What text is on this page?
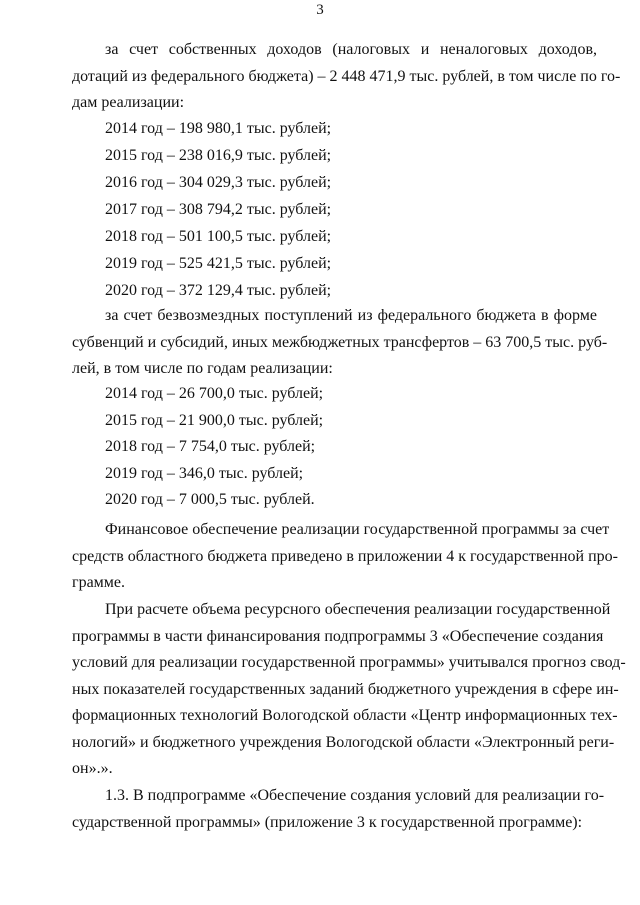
3
за счет собственных доходов (налоговых и неналоговых доходов,
дотаций из федерального бюджета) – 2 448 471,9 тыс. рублей, в том числе по го-
дам реализации:
2014 год – 198 980,1 тыс. рублей;
2015 год – 238 016,9 тыс. рублей;
2016 год – 304 029,3 тыс. рублей;
2017 год – 308 794,2 тыс. рублей;
2018 год – 501 100,5 тыс. рублей;
2019 год – 525 421,5 тыс. рублей;
2020 год – 372 129,4 тыс. рублей;
за счет безвозмездных поступлений из федерального бюджета в форме
субвенций и субсидий, иных межбюджетных трансфертов – 63 700,5 тыс. руб-
лей, в том числе по годам реализации:
2014 год – 26 700,0 тыс. рублей;
2015 год – 21 900,0 тыс. рублей;
2018 год – 7 754,0 тыс. рублей;
2019 год – 346,0 тыс. рублей;
2020 год – 7 000,5 тыс. рублей.
Финансовое обеспечение реализации государственной программы за счет
средств областного бюджета приведено в приложении 4 к государственной про-
грамме.
При расчете объема ресурсного обеспечения реализации государственной
программы в части финансирования подпрограммы 3 «Обеспечение создания
условий для реализации государственной программы» учитывался прогноз свод-
ных показателей государственных заданий бюджетного учреждения в сфере ин-
формационных технологий Вологодской области «Центр информационных тех-
нологий» и бюджетного учреждения Вологодской области «Электронный реги-
он».».
1.3. В подпрограмме «Обеспечение создания условий для реализации го-
сударственной программы» (приложение 3 к государственной программе):
